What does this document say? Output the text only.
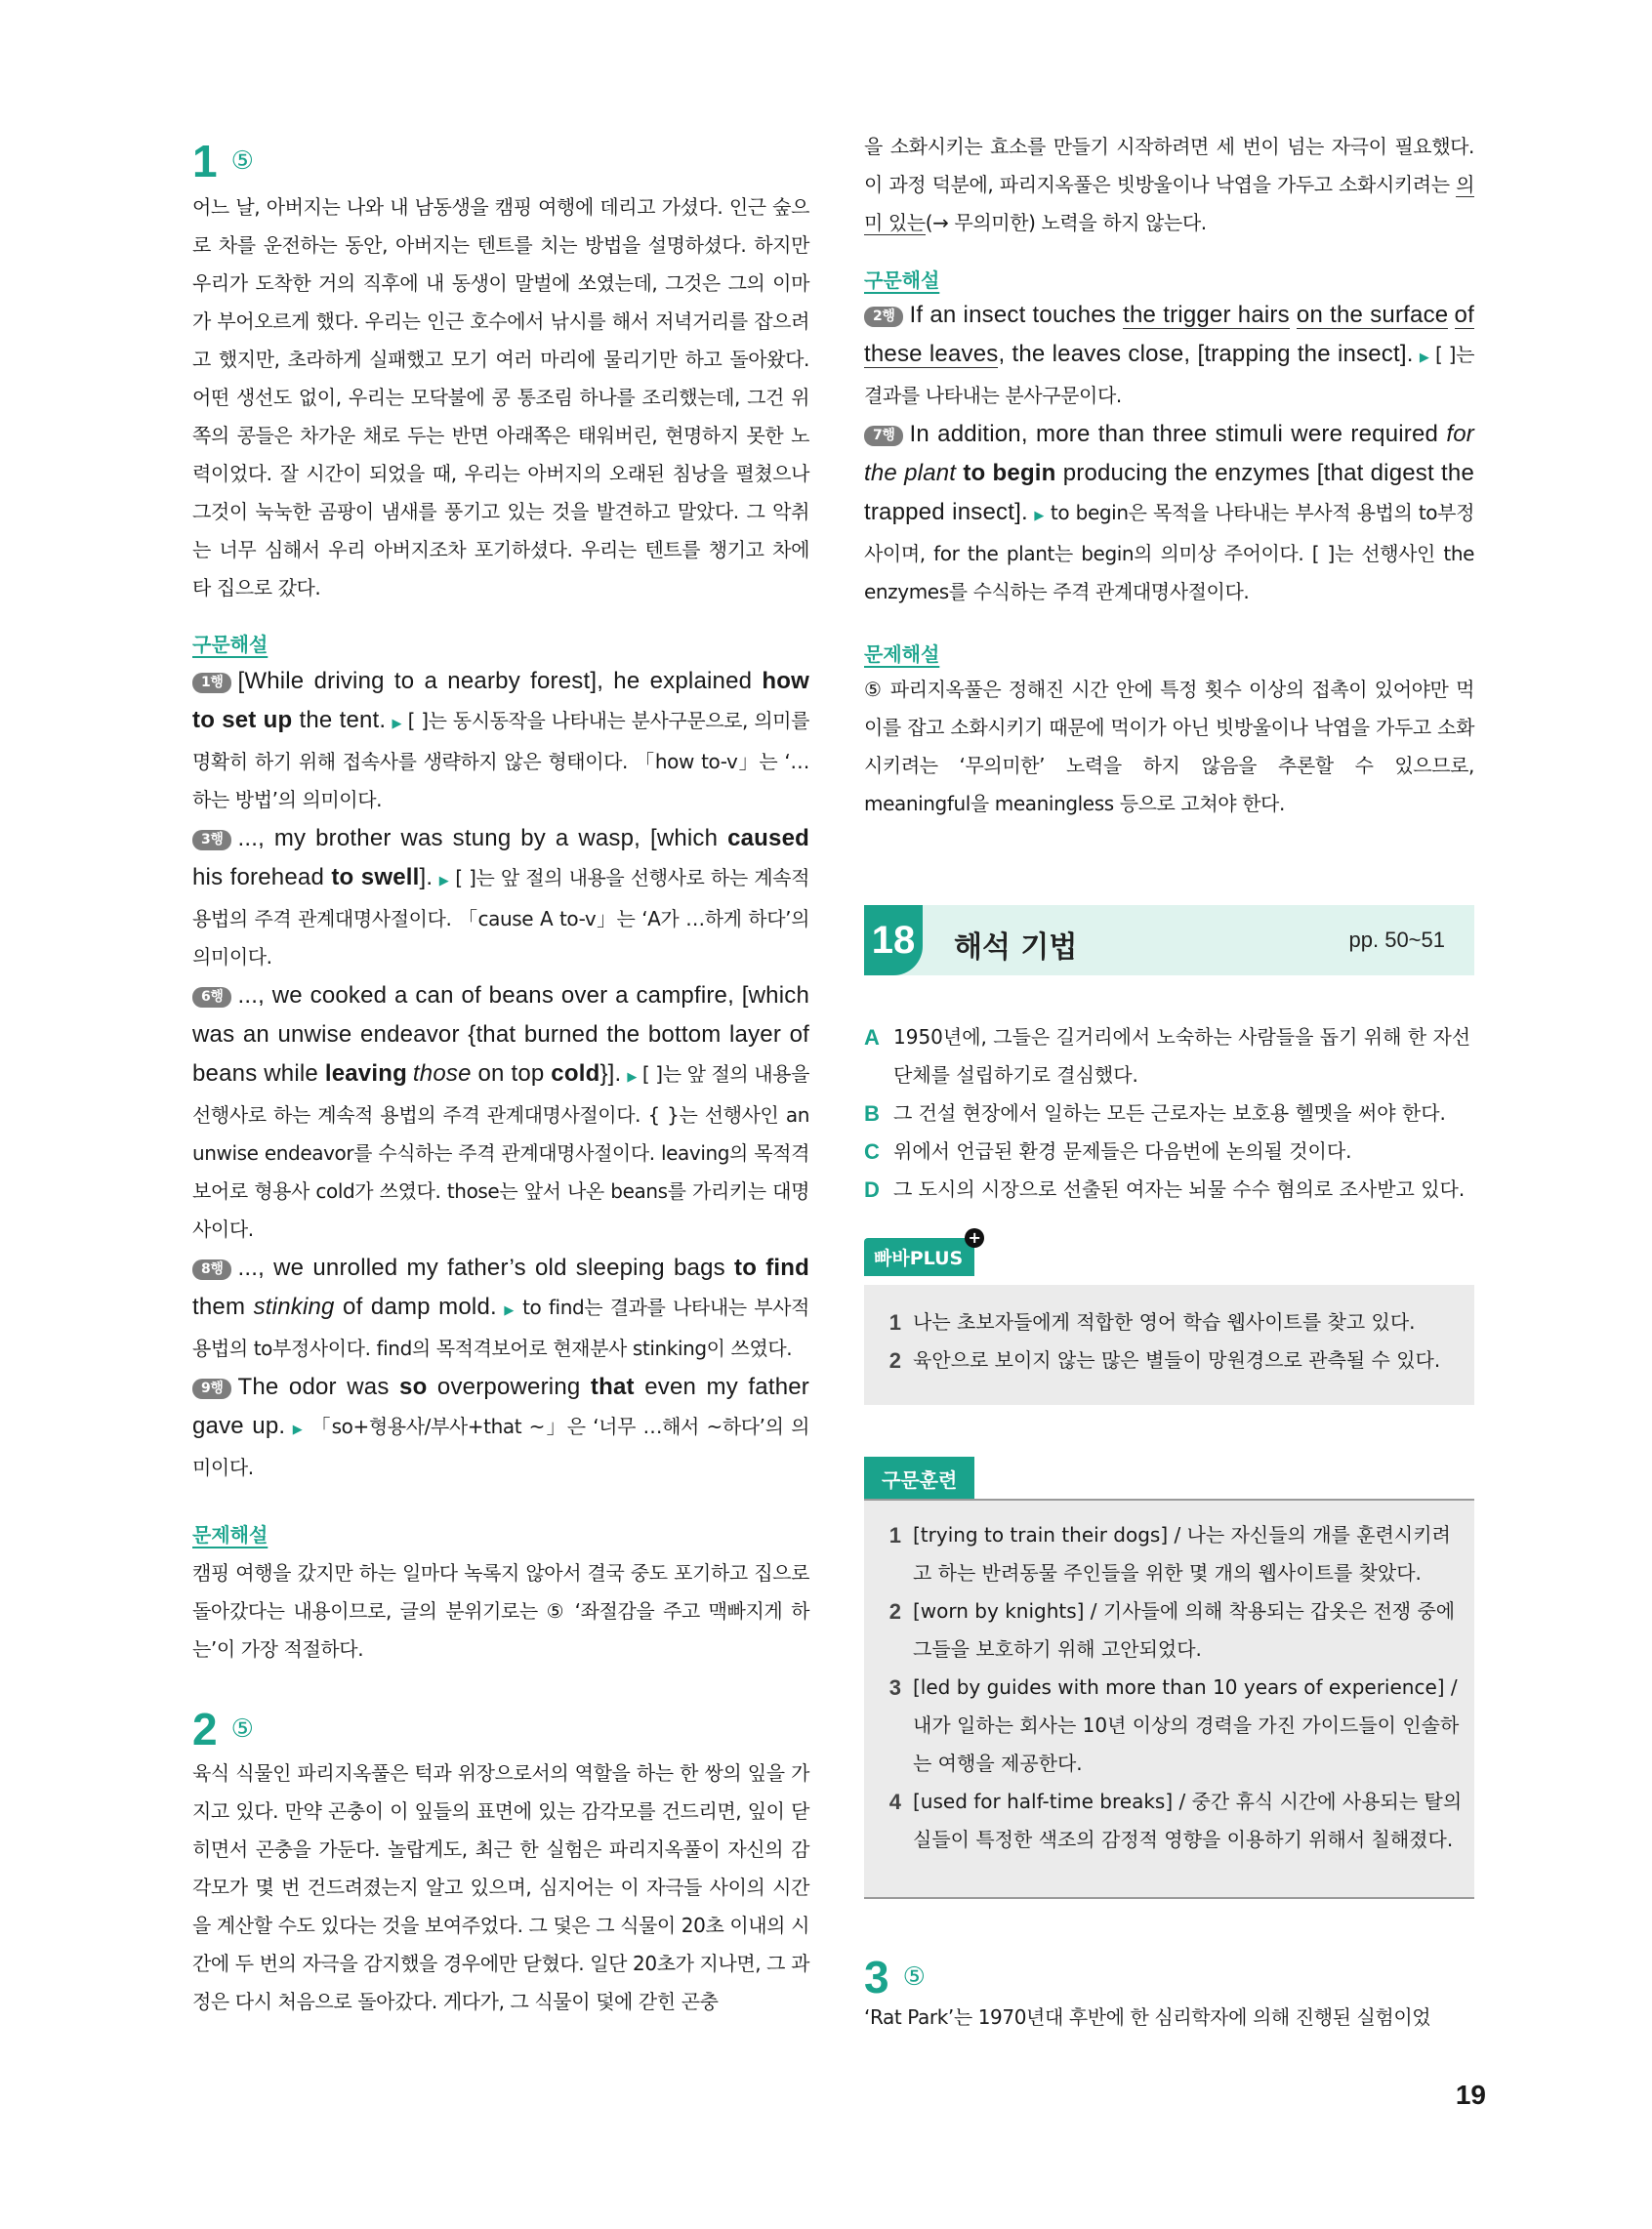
1 ⑤

어느 날, 아버지는 나와 내 남동생을 캠핑 여행에 데리고 가셨다. 인근 숲으로 차를 운전하는 동안, 아버지는 텐트를 치는 방법을 설명하셨다. 하지만 우리가 도착한 거의 직후에 내 동생이 말벌에 쏘였는데, 그것은 그의 이마가 부어오르게 했다. 우리는 인근 호수에서 낚시를 해서 저녁거리를 잡으려고 했지만, 초라하게 실패했고 모기 여러 마리에 물리기만 하고 돌아왔다. 어떤 생선도 없이, 우리는 모닥불에 콩 통조림 하나를 조리했는데, 그건 위쪽의 콩들은 차가운 채로 두는 반면 아래쪽은 태워버린, 현명하지 못한 노력이었다. 잘 시간이 되었을 때, 우리는 아버지의 오래된 침낭을 펼쳤으나 그것이 눅눅한 곰팡이 냄새를 풍기고 있는 것을 발견하고 말았다. 그 악취는 너무 심해서 우리 아버지조차 포기하셨다. 우리는 텐트를 챙기고 차에 타 집으로 갔다.

구문해설

1행 [While driving to a nearby forest], he explained how to set up the tent. ▶ [ ]는 동시동작을 나타내는 분사구문으로, 의미를 명확히 하기 위해 접속사를 생략하지 않은 형태이다. 「how to-v」는 ‘…하는 방법’의 의미이다.

3행 ..., my brother was stung by a wasp, [which caused his forehead to swell]. ▶ [ ]는 앞 절의 내용을 선행사로 하는 계속적 용법의 주격 관계대명사절이다. 「cause A to-v」는 ‘A가 …하게 하다’의 의미이다.

6행 ..., we cooked a can of beans over a campfire, [which was an unwise endeavor {that burned the bottom layer of beans while leaving those on top cold}]. ▶ [ ]는 앞 절의 내용을 선행사로 하는 계속적 용법의 주격 관계대명사절이다. { }는 선행사인 an unwise endeavor를 수식하는 주격 관계대명사절이다. leaving의 목적격보어로 형용사 cold가 쓰였다. those는 앞서 나온 beans를 가리키는 대명사이다.

8행 ..., we unrolled my father’s old sleeping bags to find them stinking of damp mold. ▶ to find는 결과를 나타내는 부사적 용법의 to부정사이다. find의 목적격보어로 현재분사 stinking이 쓰였다.

9행 The odor was so overpowering that even my father gave up. ▶ 「so+형용사/부사+that ~」은 ‘너무 …해서 ~하다’의 의미이다.

문제해설

캠핑 여행을 갔지만 하는 일마다 녹록지 않아서 결국 중도 포기하고 집으로 돌아갔다는 내용이므로, 글의 분위기로는 ⑤ ‘좌절감을 주고 맥빠지게 하는’이 가장 적절하다.

2 ⑤

육식 식물인 파리지옥풀은 턱과 위장으로서의 역할을 하는 한 쌍의 잎을 가지고 있다. 만약 곤충이 이 잎들의 표면에 있는 감각모를 건드리면, 잎이 닫히면서 곤충을 가둔다. 놀랍게도, 최근 한 실험은 파리지옥풀이 자신의 감각모가 몇 번 건드려졌는지 알고 있으며, 심지어는 이 자극들 사이의 시간을 계산할 수도 있다는 것을 보여주었다. 그 덫은 그 식물이 20초 이내의 시간에 두 번의 자극을 감지했을 경우에만 닫혔다. 일단 20초가 지나면, 그 과정은 다시 처음으로 돌아갔다. 게다가, 그 식물이 덫에 갇힌 곤충

을 소화시키는 효소를 만들기 시작하려면 세 번이 넘는 자극이 필요했다. 이 과정 덕분에, 파리지옥풀은 빗방울이나 낙엽을 가두고 소화시키려는 의미 있는(→ 무의미한) 노력을 하지 않는다.

구문해설

2행 If an insect touches the trigger hairs on the surface of these leaves, the leaves close, [trapping the insect]. ▶ [ ]는 결과를 나타내는 분사구문이다.

7행 In addition, more than three stimuli were required for the plant to begin producing the enzymes [that digest the trapped insect]. ▶ to begin은 목적을 나타내는 부사적 용법의 to부정사이며, for the plant는 begin의 의미상 주어이다. [ ]는 선행사인 the enzymes를 수식하는 주격 관계대명사절이다.

문제해설

⑤ 파리지옥풀은 정해진 시간 안에 특정 횟수 이상의 접촉이 있어야만 먹이를 잡고 소화시키기 때문에 먹이가 아닌 빗방울이나 낙엽을 가두고 소화시키려는 ‘무의미한’ 노력을 하지 않음을 추론할 수 있으므로, meaningful을 meaningless 등으로 고쳐야 한다.

18 해석 기법	pp. 50~51
A 1950년에, 그들은 길거리에서 노숙하는 사람들을 돕기 위해 한 자선 단체를 설립하기로 결심했다.
B 그 건설 현장에서 일하는 모든 근로자는 보호용 헬멧을 써야 한다.
C 위에서 언급된 환경 문제들은 다음번에 논의될 것이다.
D 그 도시의 시장으로 선출된 여자는 뇌물 수수 혐의로 조사받고 있다.
빠바PLUS
+
1 나는 초보자들에게 적합한 영어 학습 웹사이트를 찾고 있다.
2 육안으로 보이지 않는 많은 별들이 망원경으로 관측될 수 있다.
구문훈련
1 [trying to train their dogs] / 나는 자신들의 개를 훈련시키려고 하는 반려동물 주인들을 위한 몇 개의 웹사이트를 찾았다.
2 [worn by knights] / 기사들에 의해 착용되는 갑옷은 전쟁 중에 그들을 보호하기 위해 고안되었다.
3 [led by guides with more than 10 years of experience] / 내가 일하는 회사는 10년 이상의 경력을 가진 가이드들이 인솔하는 여행을 제공한다.
4 [used for half-time breaks] / 중간 휴식 시간에 사용되는 탈의실들이 특정한 색조의 감정적 영향을 이용하기 위해서 칠해졌다.
3 ⑤

‘Rat Park’는 1970년대 후반에 한 심리학자에 의해 진행된 실험이었

19
